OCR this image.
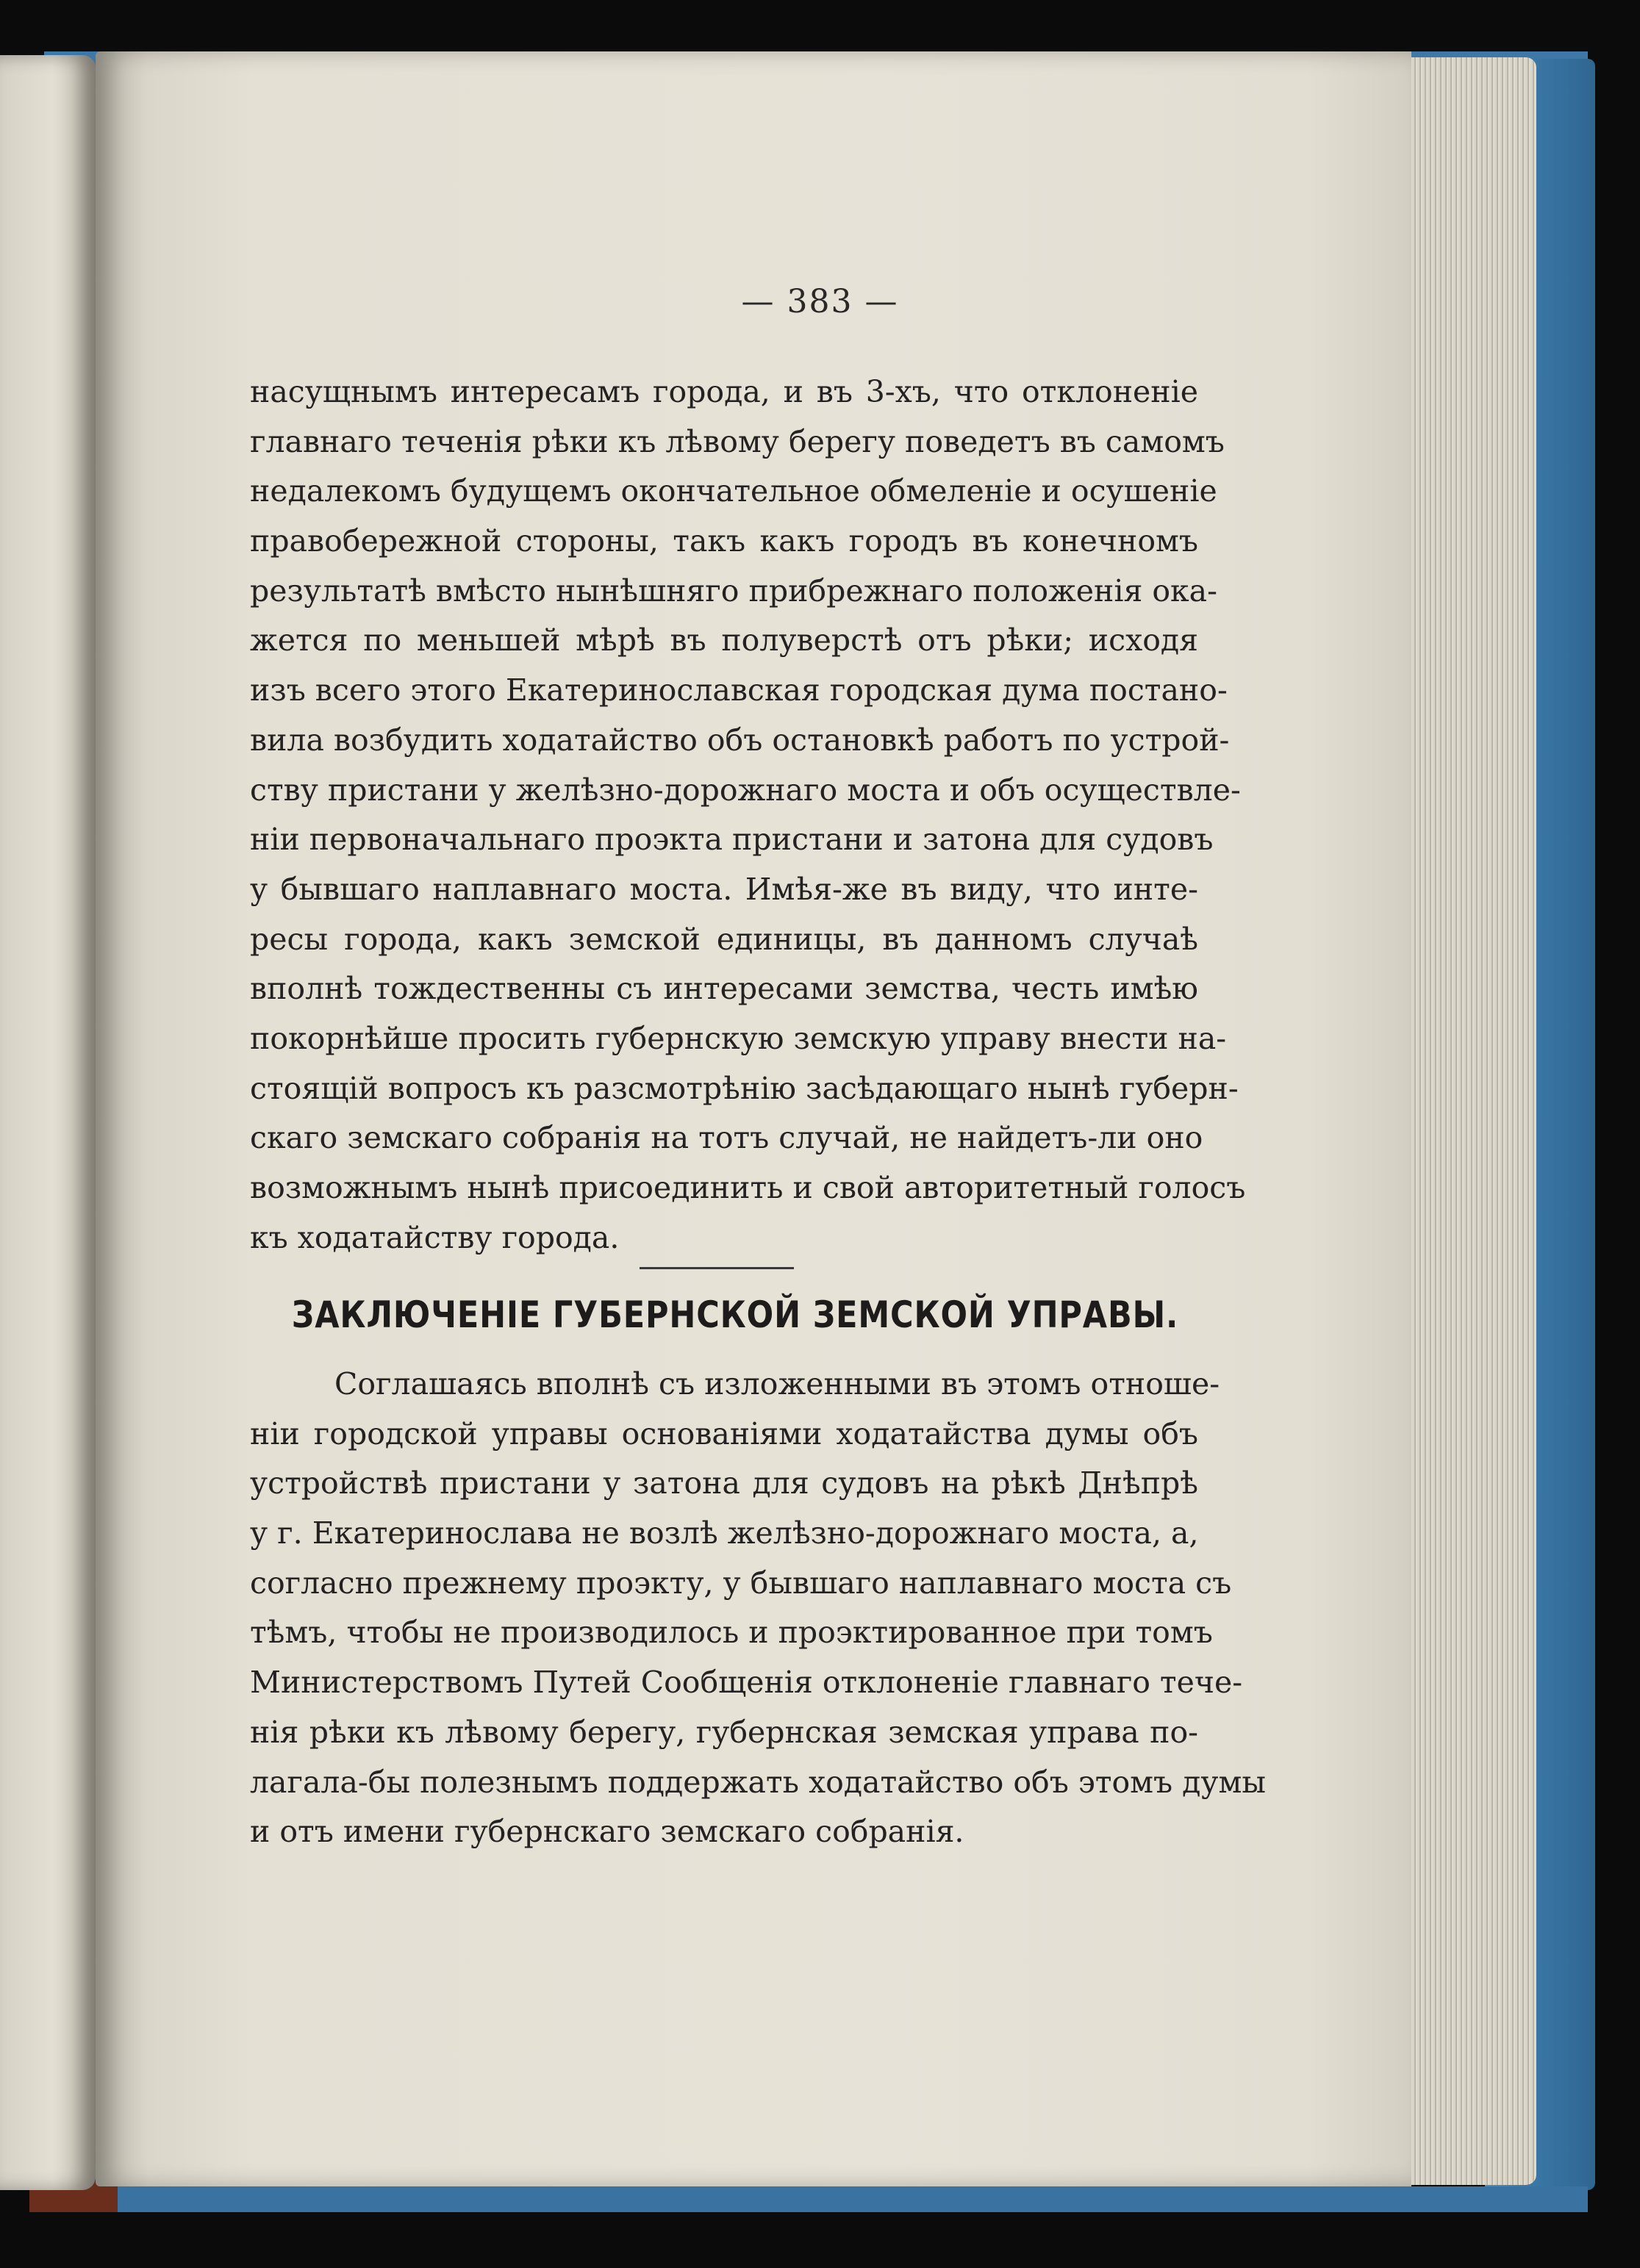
— 383 —
насущнымъ интересамъ города, и въ 3-хъ, что отклоненіе
главнаго теченія рѣки къ лѣвому берегу поведетъ въ самомъ
недалекомъ будущемъ окончательное обмеленіе и осушеніе
правобережной стороны, такъ какъ городъ въ конечномъ
результатѣ вмѣсто нынѣшняго прибрежнаго положенія ока-
жется по меньшей мѣрѣ въ полуверстѣ отъ рѣки; исходя
изъ всего этого Екатеринославская городская дума постано-
вила возбудить ходатайство объ остановкѣ работъ по устрой-
ству пристани у желѣзно-дорожнаго моста и объ осуществле-
ніи первоначальнаго проэкта пристани и затона для судовъ
у бывшаго наплавнаго моста. Имѣя-же въ виду, что инте-
ресы города, какъ земской единицы, въ данномъ случаѣ
вполнѣ тождественны съ интересами земства, честь имѣю
покорнѣйше просить губернскую земскую управу внести на-
стоящій вопросъ къ разсмотрѣнію засѣдающаго нынѣ губерн-
скаго земскаго собранія на тотъ случай, не найдетъ-ли оно
возможнымъ нынѣ присоединить и свой авторитетный голосъ
къ ходатайству города.
ЗАКЛЮЧЕНІЕ ГУБЕРНСКОЙ ЗЕМСКОЙ УПРАВЫ.
Соглашаясь вполнѣ съ изложенными въ этомъ отноше-
ніи городской управы основаніями ходатайства думы объ
устройствѣ пристани у затона для судовъ на рѣкѣ Днѣпрѣ
у г. Екатеринослава не возлѣ желѣзно-дорожнаго моста, а,
согласно прежнему проэкту, у бывшаго наплавнаго моста съ
тѣмъ, чтобы не производилось и проэктированное при томъ
Министерствомъ Путей Сообщенія отклоненіе главнаго тече-
нія рѣки къ лѣвому берегу, губернская земская управа по-
лагала-бы полезнымъ поддержать ходатайство объ этомъ думы
и отъ имени губернскаго земскаго собранія.
